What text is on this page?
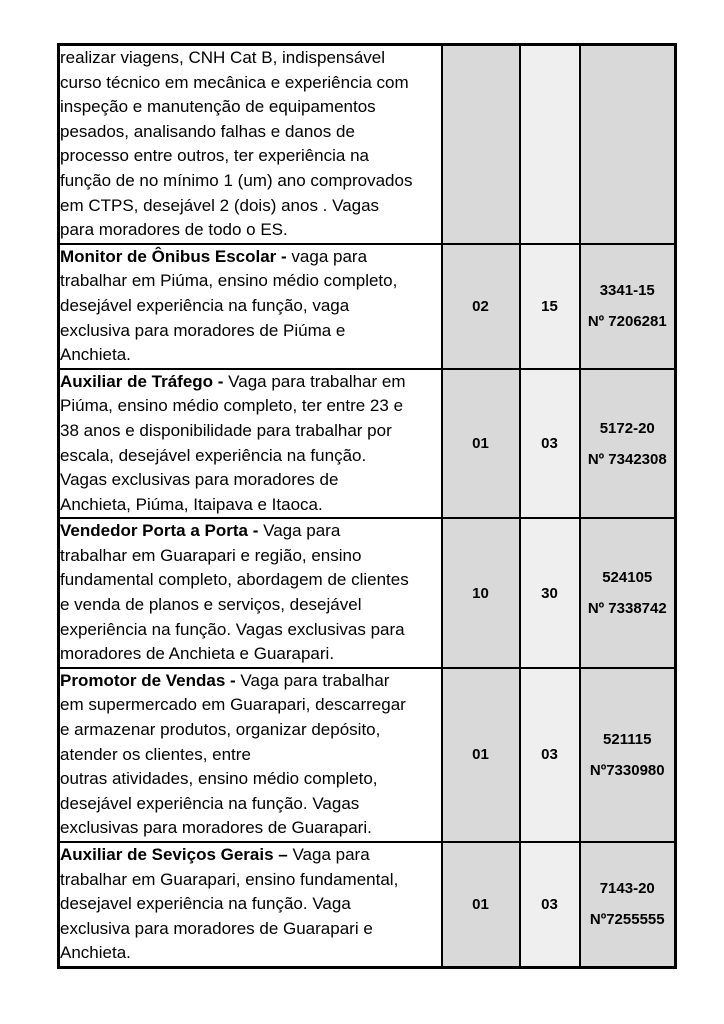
realizar viagens, CNH Cat B, indispensável
curso técnico em mecânica e experiência com
inspeção e manutenção de equipamentos
pesados, analisando falhas e danos de
processo entre outros, ter experiência na
função de no mínimo 1 (um) ano comprovados
em CTPS, desejável 2 (dois) anos . Vagas
para moradores de todo o ES.

Monitor de Ônibus Escolar - vaga para
trabalhar em Piúma, ensino médio completo,
desejável experiência na função, vaga
exclusiva para moradores de Piúma e
Anchieta.
	02	15	
3341-15
Nº 7206281

Auxiliar de Tráfego - Vaga para trabalhar em
Piúma, ensino médio completo, ter entre 23 e
38 anos e disponibilidade para trabalhar por
escala, desejável experiência na função.
Vagas exclusivas para moradores de
Anchieta, Piúma, Itaipava e Itaoca.
	01	03	
5172-20
Nº 7342308

Vendedor Porta a Porta - Vaga para
trabalhar em Guarapari e região, ensino
fundamental completo, abordagem de clientes
e venda de planos e serviços, desejável
experiência na função. Vagas exclusivas para
moradores de Anchieta e Guarapari.
	10	30	
524105
Nº 7338742

Promotor de Vendas - Vaga para trabalhar
em supermercado em Guarapari, descarregar
e armazenar produtos, organizar depósito,
atender os clientes, entre
outras atividades, ensino médio completo,
desejável experiência na função. Vagas
exclusivas para moradores de Guarapari.
	01	03	
521115
Nº7330980

Auxiliar de Seviços Gerais – Vaga para
trabalhar em Guarapari, ensino fundamental,
desejavel experiência na função. Vaga
exclusiva para moradores de Guarapari e
Anchieta.
	01	03	
7143-20
Nº7255555
